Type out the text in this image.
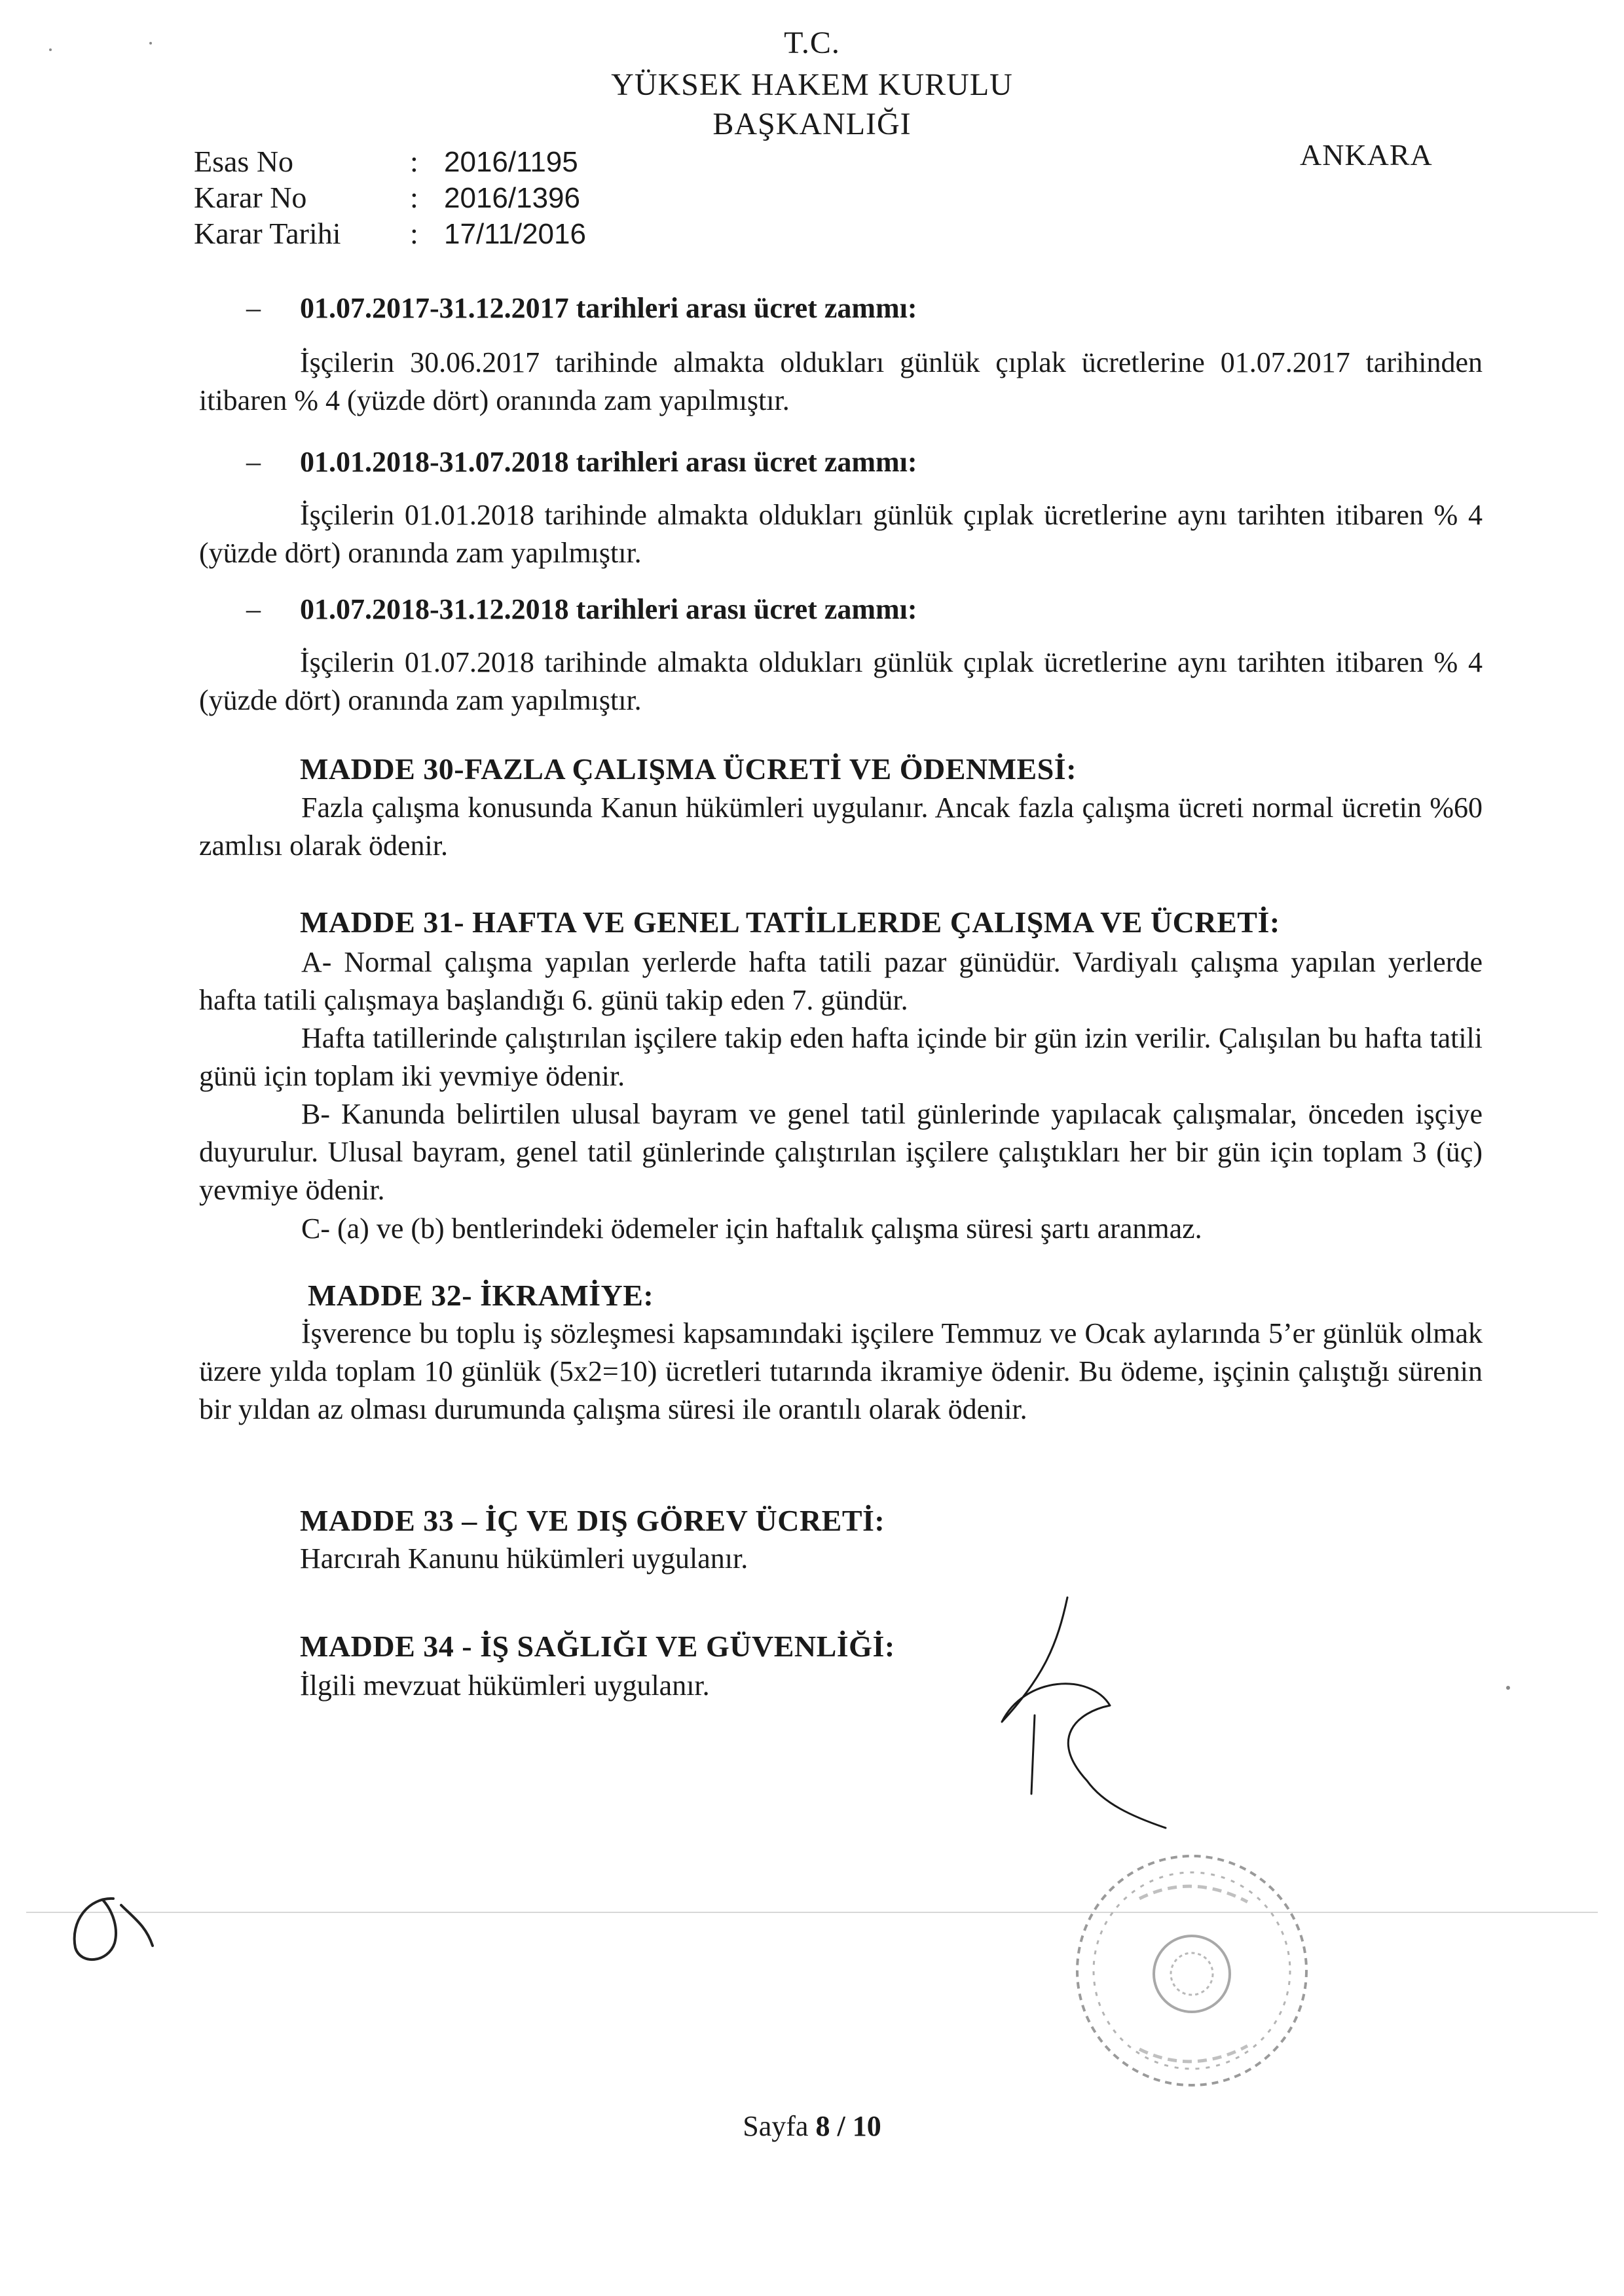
T.C.
YÜKSEK HAKEM KURULU
BAŞKANLIĞI
ANKARA
Esas No	: 2016/1195
Karar No	: 2016/1396
Karar Tarihi : 17/11/2016
– 01.07.2017-31.12.2017 tarihleri arası ücret zammı:
İşçilerin 30.06.2017 tarihinde almakta oldukları günlük çıplak ücretlerine 01.07.2017 tarihinden itibaren % 4 (yüzde dört) oranında zam yapılmıştır.
– 01.01.2018-31.07.2018 tarihleri arası ücret zammı:
İşçilerin 01.01.2018 tarihinde almakta oldukları günlük çıplak ücretlerine aynı tarihten itibaren % 4 (yüzde dört) oranında zam yapılmıştır.
– 01.07.2018-31.12.2018 tarihleri arası ücret zammı:
İşçilerin 01.07.2018 tarihinde almakta oldukları günlük çıplak ücretlerine aynı tarihten itibaren % 4 (yüzde dört) oranında zam yapılmıştır.
MADDE 30-FAZLA ÇALIŞMA ÜCRETİ VE ÖDENMESİ:
Fazla çalışma konusunda Kanun hükümleri uygulanır. Ancak fazla çalışma ücreti normal ücretin %60 zamlısı olarak ödenir.
MADDE 31- HAFTA VE GENEL TATİLLERDE ÇALIŞMA VE ÜCRETİ:
A- Normal çalışma yapılan yerlerde hafta tatili pazar günüdür. Vardiyalı çalışma yapılan yerlerde hafta tatili çalışmaya başlandığı 6. günü takip eden 7. gündür.
Hafta tatillerinde çalıştırılan işçilere takip eden hafta içinde bir gün izin verilir. Çalışılan bu hafta tatili günü için toplam iki yevmiye ödenir.
B- Kanunda belirtilen ulusal bayram ve genel tatil günlerinde yapılacak çalışmalar, önceden işçiye duyurulur. Ulusal bayram, genel tatil günlerinde çalıştırılan işçilere çalıştıkları her bir gün için toplam 3 (üç) yevmiye ödenir.
C- (a) ve (b) bentlerindeki ödemeler için haftalık çalışma süresi şartı aranmaz.
MADDE 32- İKRAMİYE:
İşverence bu toplu iş sözleşmesi kapsamındaki işçilere Temmuz ve Ocak aylarında 5’er günlük olmak üzere yılda toplam 10 günlük (5x2=10) ücretleri tutarında ikramiye ödenir. Bu ödeme, işçinin çalıştığı sürenin bir yıldan az olması durumunda çalışma süresi ile orantılı olarak ödenir.
MADDE 33 – İÇ VE DIŞ GÖREV ÜCRETİ:
Harcırah Kanunu hükümleri uygulanır.
MADDE 34 - İŞ SAĞLIĞI VE GÜVENLİĞİ:
İlgili mevzuat hükümleri uygulanır.
Sayfa 8 / 10
